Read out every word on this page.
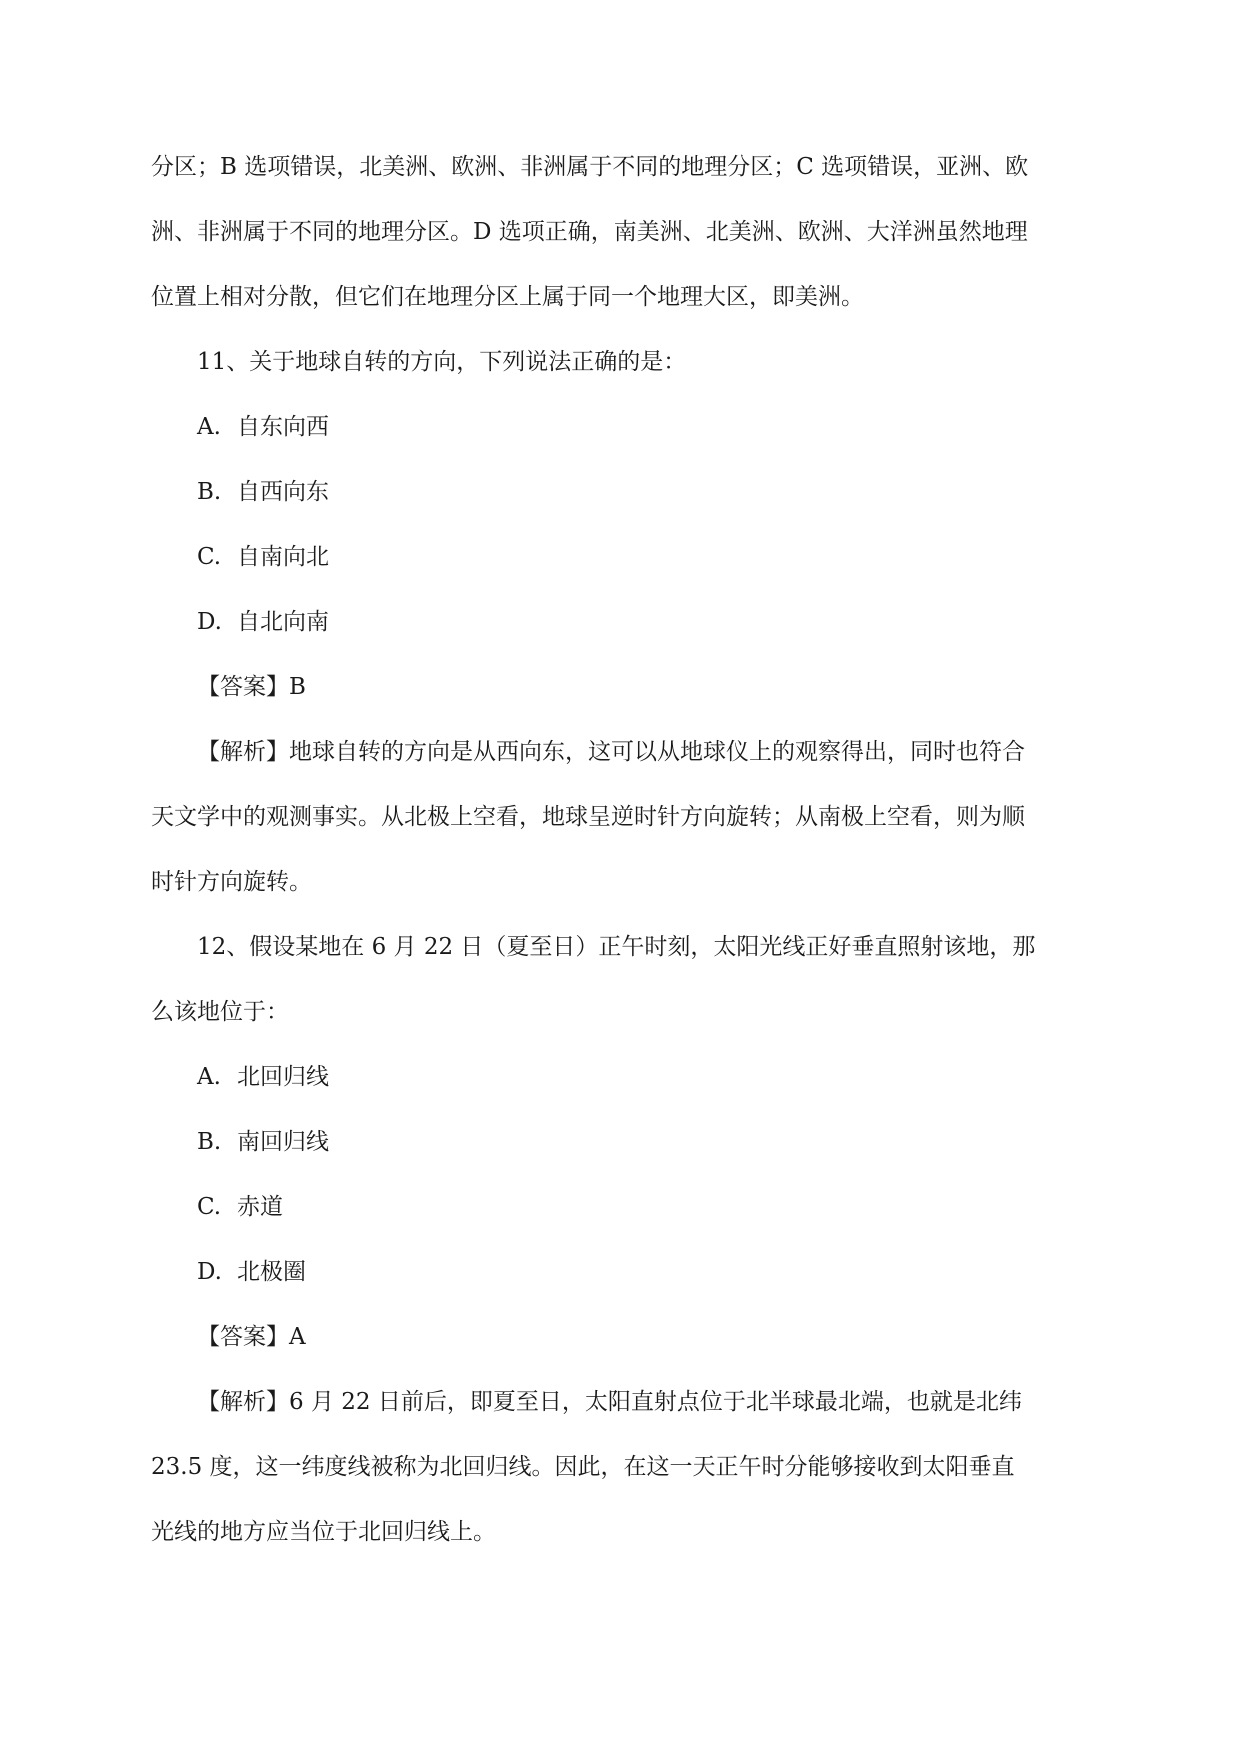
分区；B 选项错误，北美洲、欧洲、非洲属于不同的地理分区；C 选项错误，亚洲、欧
洲、非洲属于不同的地理分区。D 选项正确，南美洲、北美洲、欧洲、大洋洲虽然地理
位置上相对分散，但它们在地理分区上属于同一个地理大区，即美洲。
11、关于地球自转的方向，下列说法正确的是：
A. 自东向西
B. 自西向东
C. 自南向北
D. 自北向南
【答案】B
【解析】地球自转的方向是从西向东，这可以从地球仪上的观察得出，同时也符合
天文学中的观测事实。从北极上空看，地球呈逆时针方向旋转；从南极上空看，则为顺
时针方向旋转。
12、假设某地在 6 月 22 日（夏至日）正午时刻，太阳光线正好垂直照射该地，那
么该地位于：
A. 北回归线
B. 南回归线
C. 赤道
D. 北极圈
【答案】A
【解析】6 月 22 日前后，即夏至日，太阳直射点位于北半球最北端，也就是北纬
23.5 度，这一纬度线被称为北回归线。因此，在这一天正午时分能够接收到太阳垂直
光线的地方应当位于北回归线上。
